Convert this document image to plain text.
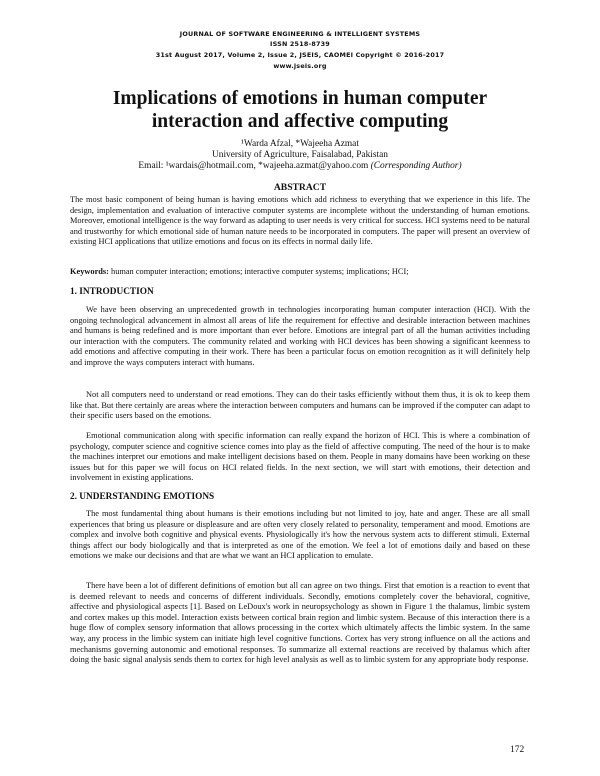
JOURNAL OF SOFTWARE ENGINEERING & INTELLIGENT SYSTEMS
ISSN 2518-8739
31st August 2017, Volume 2, Issue 2, JSEIS, CAOMEI Copyright © 2016-2017
www.jseis.org
Implications of emotions in human computer
interaction and affective computing
¹Warda Afzal, *Wajeeha Azmat
University of Agriculture, Faisalabad, Pakistan
Email: ¹wardais@hotmail.com, *wajeeha.azmat@yahoo.com (Corresponding Author)
ABSTRACT

The most basic component of being human is having emotions which add richness to everything that we experience in this life. The design, implementation and evaluation of interactive computer systems are incomplete without the understanding of human emotions. Moreover, emotional intelligence is the way forward as adapting to user needs is very critical for success. HCI systems need to be natural and trustworthy for which emotional side of human nature needs to be incorporated in computers. The paper will present an overview of existing HCI applications that utilize emotions and focus on its effects in normal daily life.

Keywords: human computer interaction; emotions; interactive computer systems; implications; HCI;

1. INTRODUCTION

We have been observing an unprecedented growth in technologies incorporating human computer interaction (HCI). With the ongoing technological advancement in almost all areas of life the requirement for effective and desirable interaction between machines and humans is being redefined and is more important than ever before. Emotions are integral part of all the human activities including our interaction with the computers. The community related and working with HCI devices has been showing a significant keenness to add emotions and affective computing in their work. There has been a particular focus on emotion recognition as it will definitely help and improve the ways computers interact with humans.

Not all computers need to understand or read emotions. They can do their tasks efficiently without them thus, it is ok to keep them like that. But there certainly are areas where the interaction between computers and humans can be improved if the computer can adapt to their specific users based on the emotions.

Emotional communication along with specific information can really expand the horizon of HCI. This is where a combination of psychology, computer science and cognitive science comes into play as the field of affective computing. The need of the hour is to make the machines interpret our emotions and make intelligent decisions based on them. People in many domains have been working on these issues but for this paper we will focus on HCI related fields. In the next section, we will start with emotions, their detection and involvement in existing applications.

2. UNDERSTANDING EMOTIONS

The most fundamental thing about humans is their emotions including but not limited to joy, hate and anger. These are all small experiences that bring us pleasure or displeasure and are often very closely related to personality, temperament and mood. Emotions are complex and involve both cognitive and physical events. Physiologically it's how the nervous system acts to different stimuli. External things affect our body biologically and that is interpreted as one of the emotion. We feel a lot of emotions daily and based on these emotions we make our decisions and that are what we want an HCI application to emulate.

There have been a lot of different definitions of emotion but all can agree on two things. First that emotion is a reaction to event that is deemed relevant to needs and concerns of different individuals. Secondly, emotions completely cover the behavioral, cognitive, affective and physiological aspects [1]. Based on LeDoux's work in neuropsychology as shown in Figure 1 the thalamus, limbic system and cortex makes up this model. Interaction exists between cortical brain region and limbic system. Because of this interaction there is a huge flow of complex sensory information that allows processing in the cortex which ultimately affects the limbic system. In the same way, any process in the limbic system can initiate high level cognitive functions. Cortex has very strong influence on all the actions and mechanisms governing autonomic and emotional responses. To summarize all external reactions are received by thalamus which after doing the basic signal analysis sends them to cortex for high level analysis as well as to limbic system for any appropriate body response.

172
